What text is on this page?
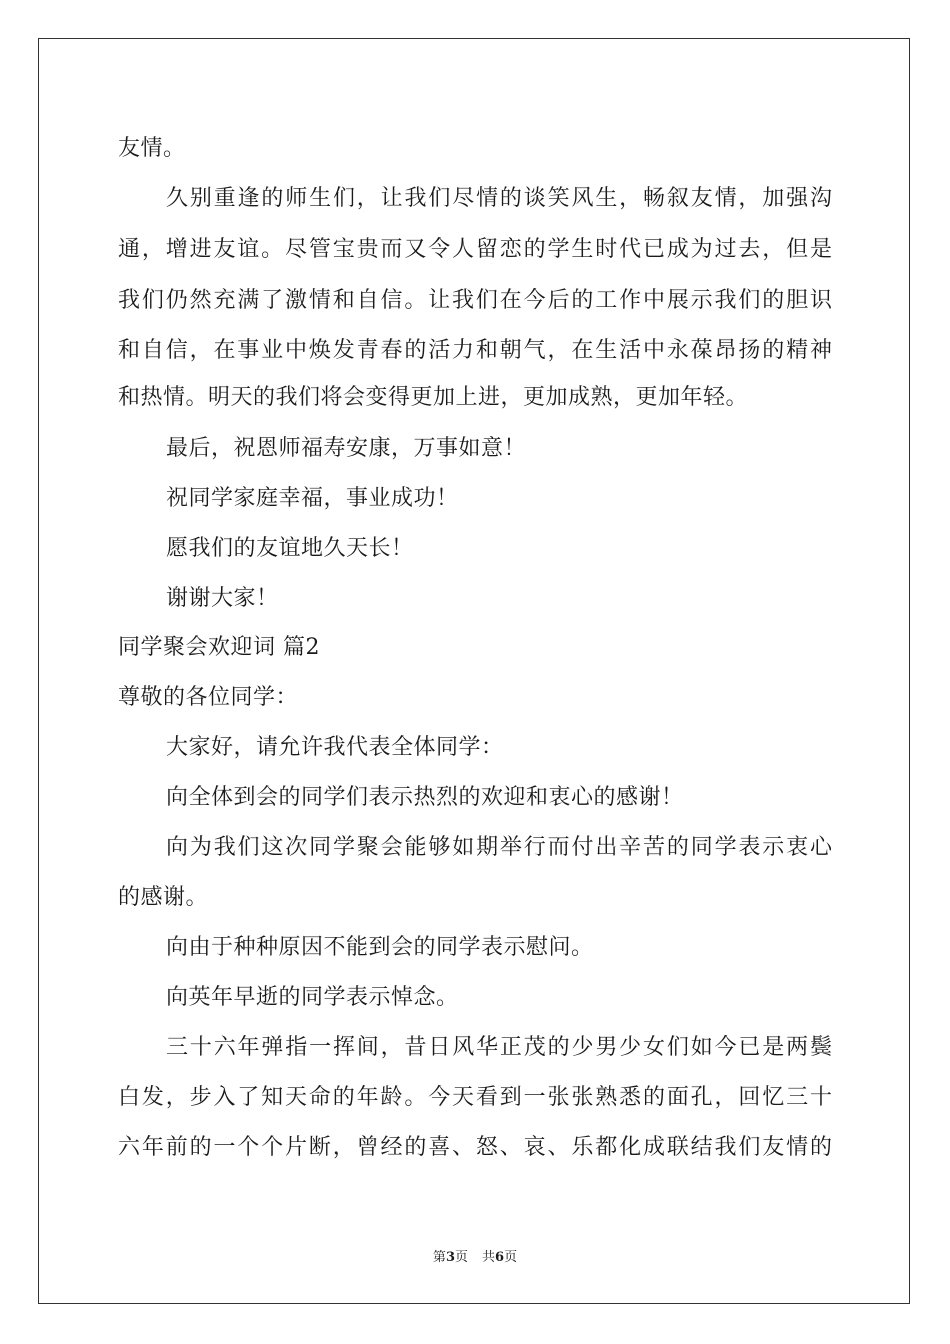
友情。
久别重逢的师生们，让我们尽情的谈笑风生，畅叙友情，加强沟
通，增进友谊。尽管宝贵而又令人留恋的学生时代已成为过去，但是
我们仍然充满了激情和自信。让我们在今后的工作中展示我们的胆识
和自信，在事业中焕发青春的活力和朝气，在生活中永葆昂扬的精神
和热情。明天的我们将会变得更加上进，更加成熟，更加年轻。
最后，祝恩师福寿安康，万事如意！
祝同学家庭幸福，事业成功！
愿我们的友谊地久天长！
谢谢大家！
同学聚会欢迎词 篇2
尊敬的各位同学：
大家好，请允许我代表全体同学：
向全体到会的同学们表示热烈的欢迎和衷心的感谢！
向为我们这次同学聚会能够如期举行而付出辛苦的同学表示衷心
的感谢。
向由于种种原因不能到会的同学表示慰问。
向英年早逝的同学表示悼念。
三十六年弹指一挥间，昔日风华正茂的少男少女们如今已是两鬓
白发，步入了知天命的年龄。今天看到一张张熟悉的面孔，回忆三十
六年前的一个个片断，曾经的喜、怒、哀、乐都化成联结我们友情的
第3页 共6页
